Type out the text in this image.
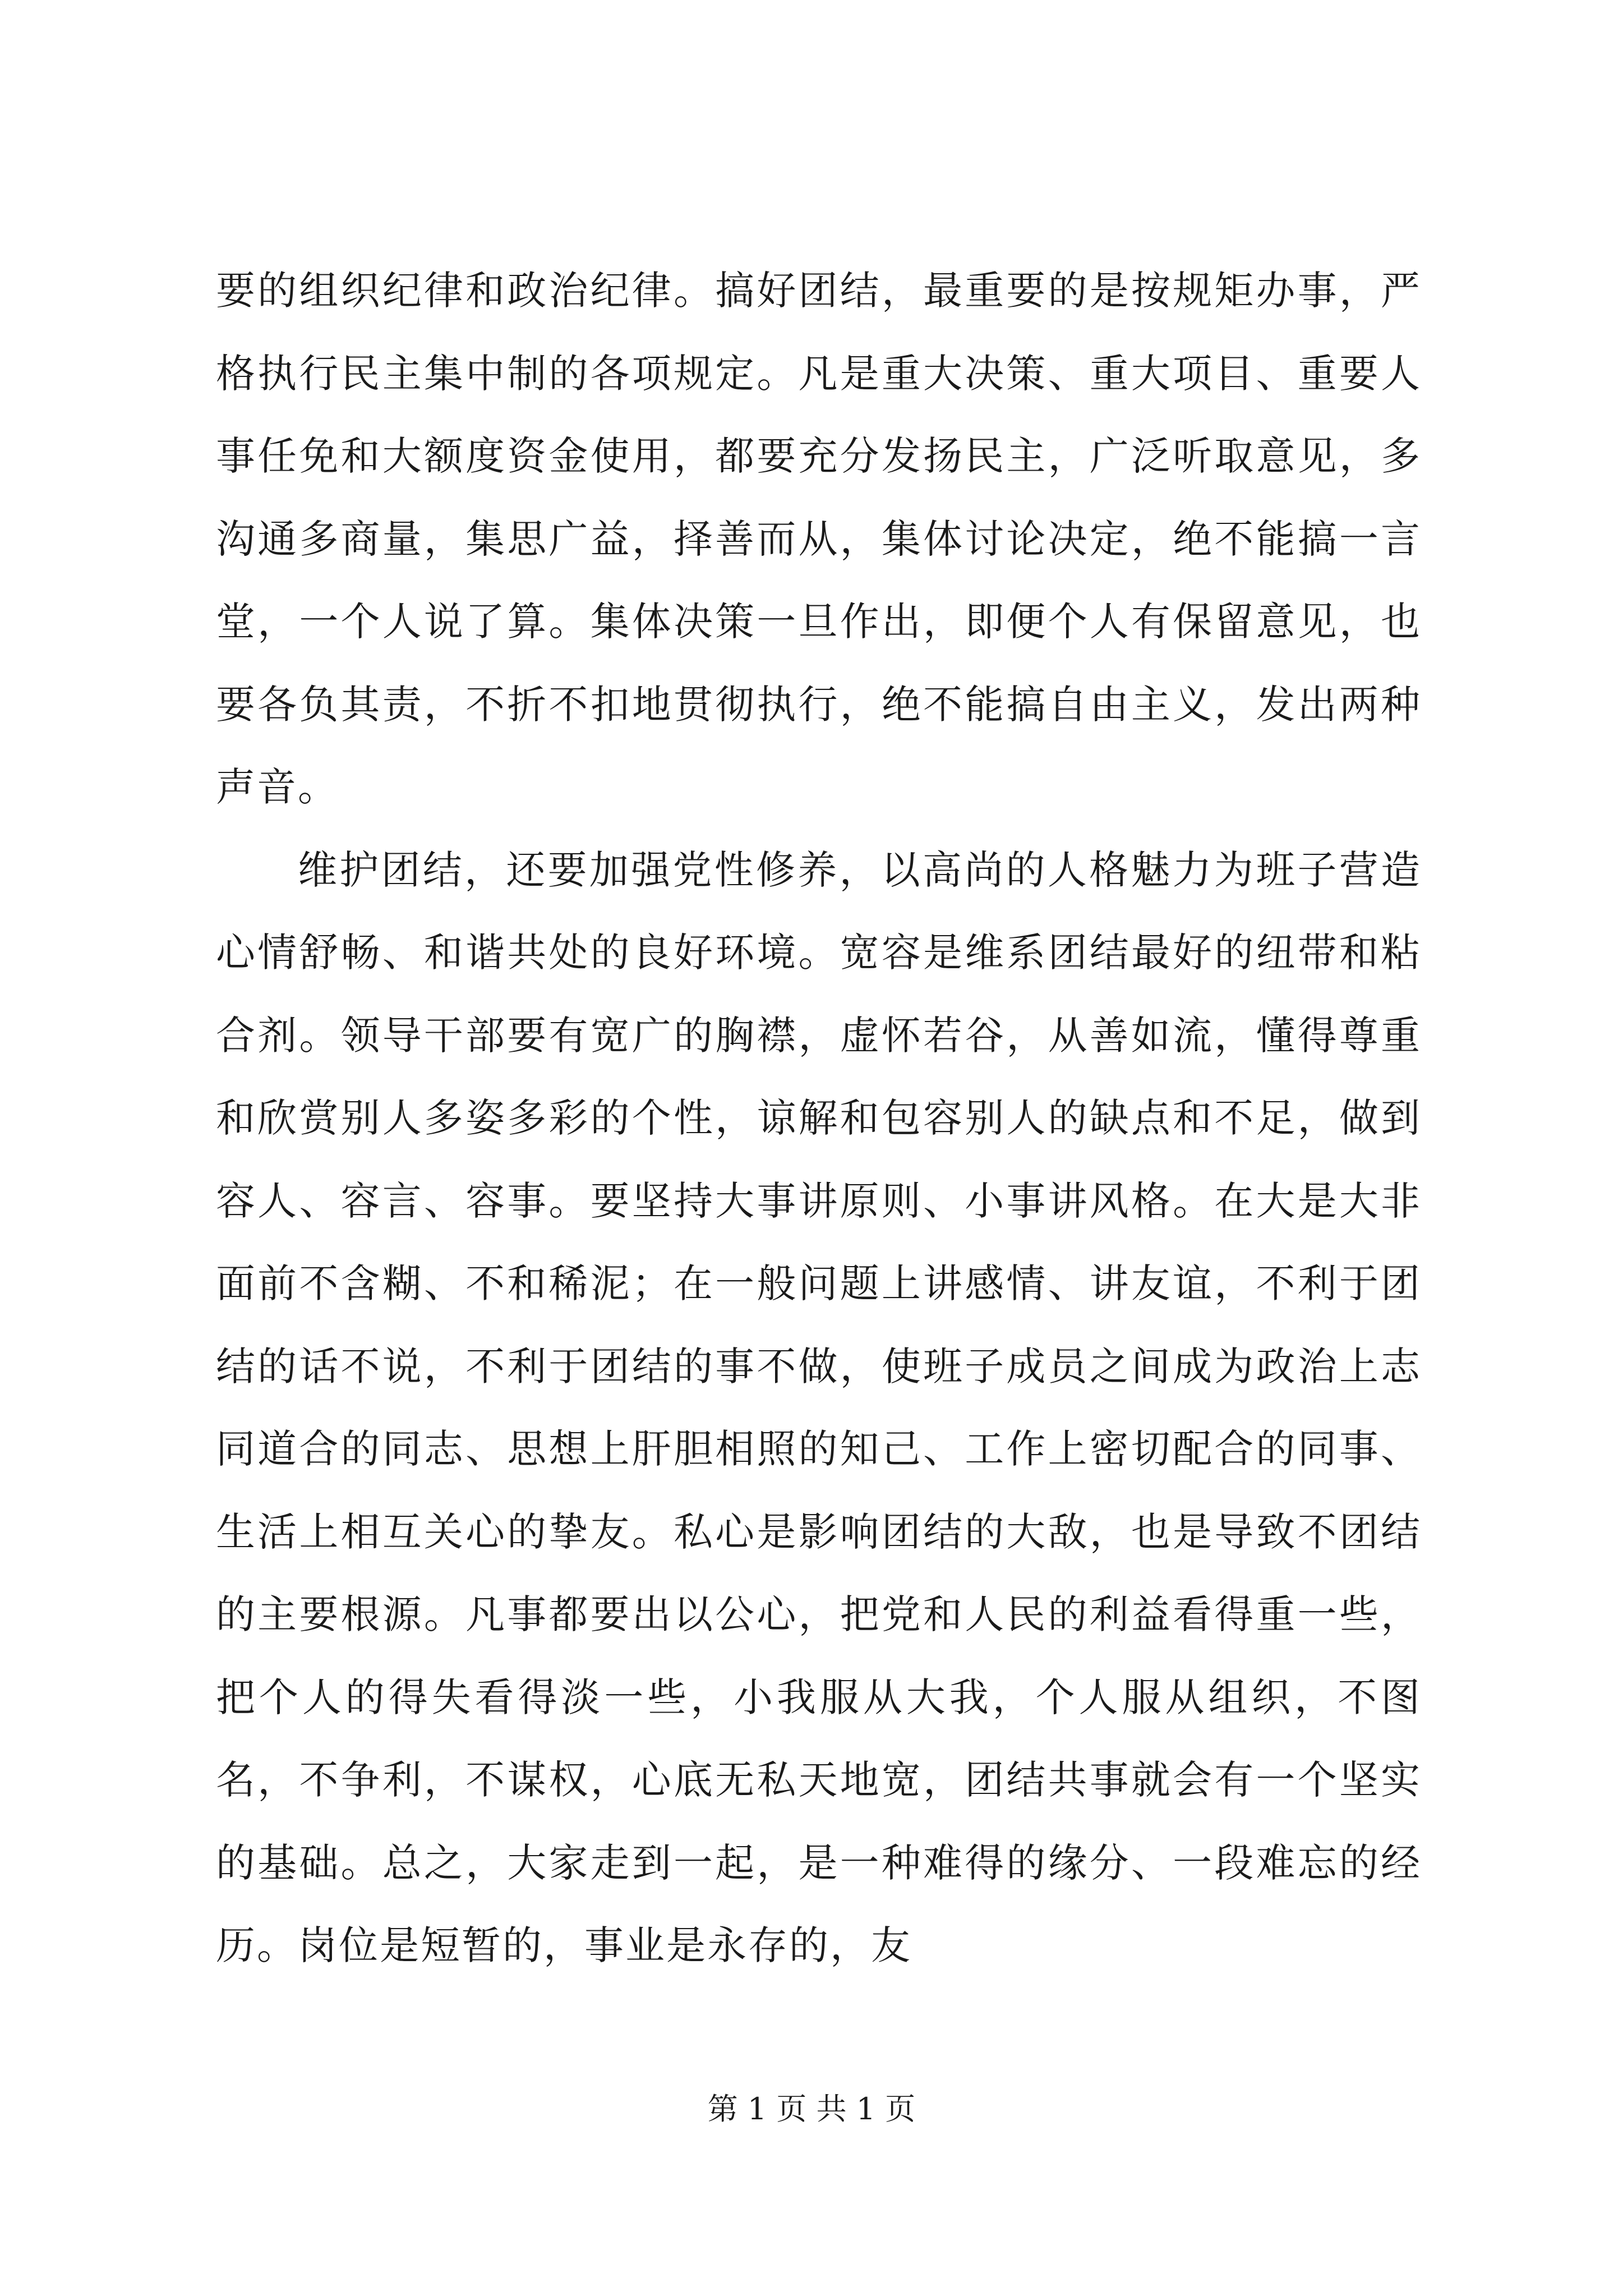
要的组织纪律和政治纪律。搞好团结，最重要的是按规矩办事，严格执行民主集中制的各项规定。凡是重大决策、重大项目、重要人事任免和大额度资金使用，都要充分发扬民主，广泛听取意见，多沟通多商量，集思广益，择善而从，集体讨论决定，绝不能搞一言堂，一个人说了算。集体决策一旦作出，即便个人有保留意见，也要各负其责，不折不扣地贯彻执行，绝不能搞自由主义，发出两种声音。

维护团结，还要加强党性修养，以高尚的人格魅力为班子营造心情舒畅、和谐共处的良好环境。宽容是维系团结最好的纽带和粘合剂。领导干部要有宽广的胸襟，虚怀若谷，从善如流，懂得尊重和欣赏别人多姿多彩的个性，谅解和包容别人的缺点和不足，做到容人、容言、容事。要坚持大事讲原则、小事讲风格。在大是大非面前不含糊、不和稀泥；在一般问题上讲感情、讲友谊，不利于团结的话不说，不利于团结的事不做，使班子成员之间成为政治上志同道合的同志、思想上肝胆相照的知己、工作上密切配合的同事、生活上相互关心的挚友。私心是影响团结的大敌，也是导致不团结的主要根源。凡事都要出以公心，把党和人民的利益看得重一些，把个人的得失看得淡一些，小我服从大我，个人服从组织，不图名，不争利，不谋权，心底无私天地宽，团结共事就会有一个坚实的基础。总之，大家走到一起，是一种难得的缘分、一段难忘的经历。岗位是短暂的，事业是永存的，友

第 1 页 共 1 页
